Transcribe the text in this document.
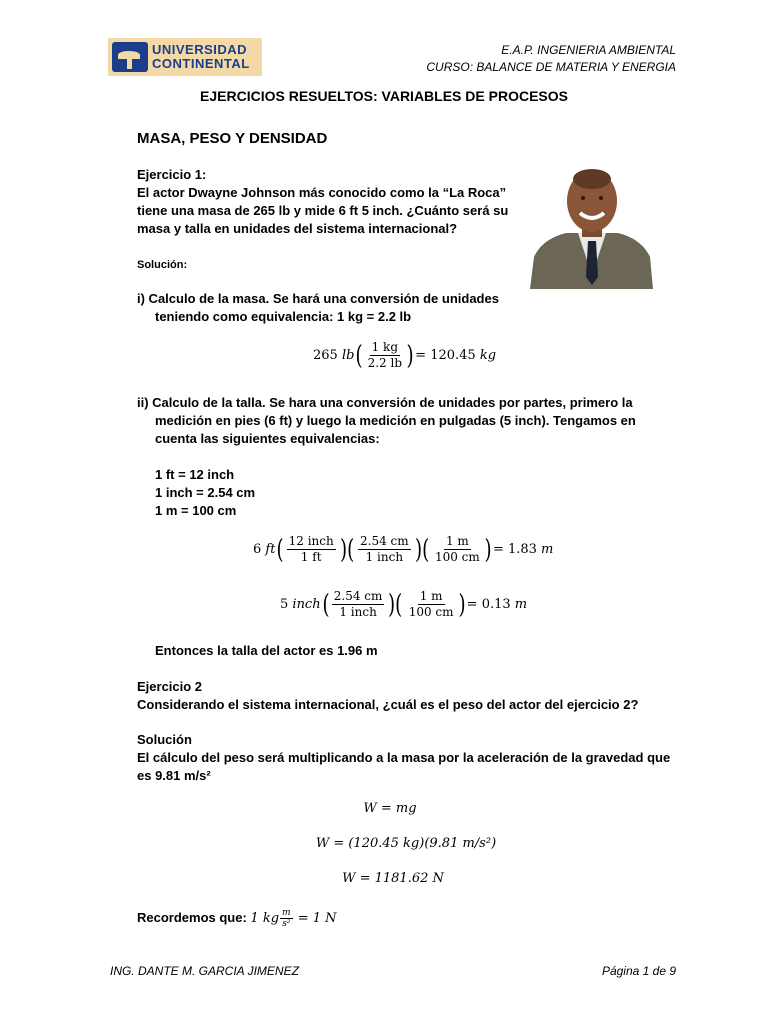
UNIVERSIDAD
CONTINENTAL
E.A.P. INGENIERIA AMBIENTAL
CURSO: BALANCE DE MATERIA Y ENERGIA
EJERCICIOS RESUELTOS: VARIABLES DE PROCESOS
MASA, PESO Y DENSIDAD
Ejercicio 1:
El actor Dwayne Johnson más conocido como la “La Roca”
tiene una masa de 265 lb y mide 6 ft 5 inch. ¿Cuánto será su
masa y talla en unidades del sistema internacional?
Solución:
i) Calculo de la masa. Se hará una conversión de unidades
teniendo como equivalencia: 1 kg = 2.2 lb
265 $lb( \frac{1 kg}{2.2 lb}$ ) = 120.45 kg
ii) Calculo de la talla. Se hara una conversión de unidades por partes, primero la
medición en pies (6 ft) y luego la medición en pulgadas (5 inch). Tengamos en
cuenta las siguientes equivalencias:
1 ft = 12 inch
1 inch = 2.54 cm
1 m = 100 cm
6 $ft( \frac{\text{12 inch}}{1 ft}$ )( $\frac{2.54 cm}{\text{1 inch}}$ )( $\frac{1 m}{100 cm}$ ) = 1.83 m
5 inch( $\frac{2.54 cm}{\text{1 inch}}$ )( $\frac{1 m}{100 cm}$ ) = 0.13 m
Entonces la talla del actor es 1.96 m
Ejercicio 2
Considerando el sistema internacional, ¿cuál es el peso del actor del ejercicio 2?
Solución
El cálculo del peso será multiplicando a la masa por la aceleración de la gravedad que
es 9.81 m/s²
W = mg
W = (120.45 kg)(9.81 m/s²)
W = 1181.62 N
Recordemos que: 1 kg $\frac{m}{\text{s²}} = 1$ N
ING. DANTE M. GARCIA JIMENEZ	Página 1 de 9
